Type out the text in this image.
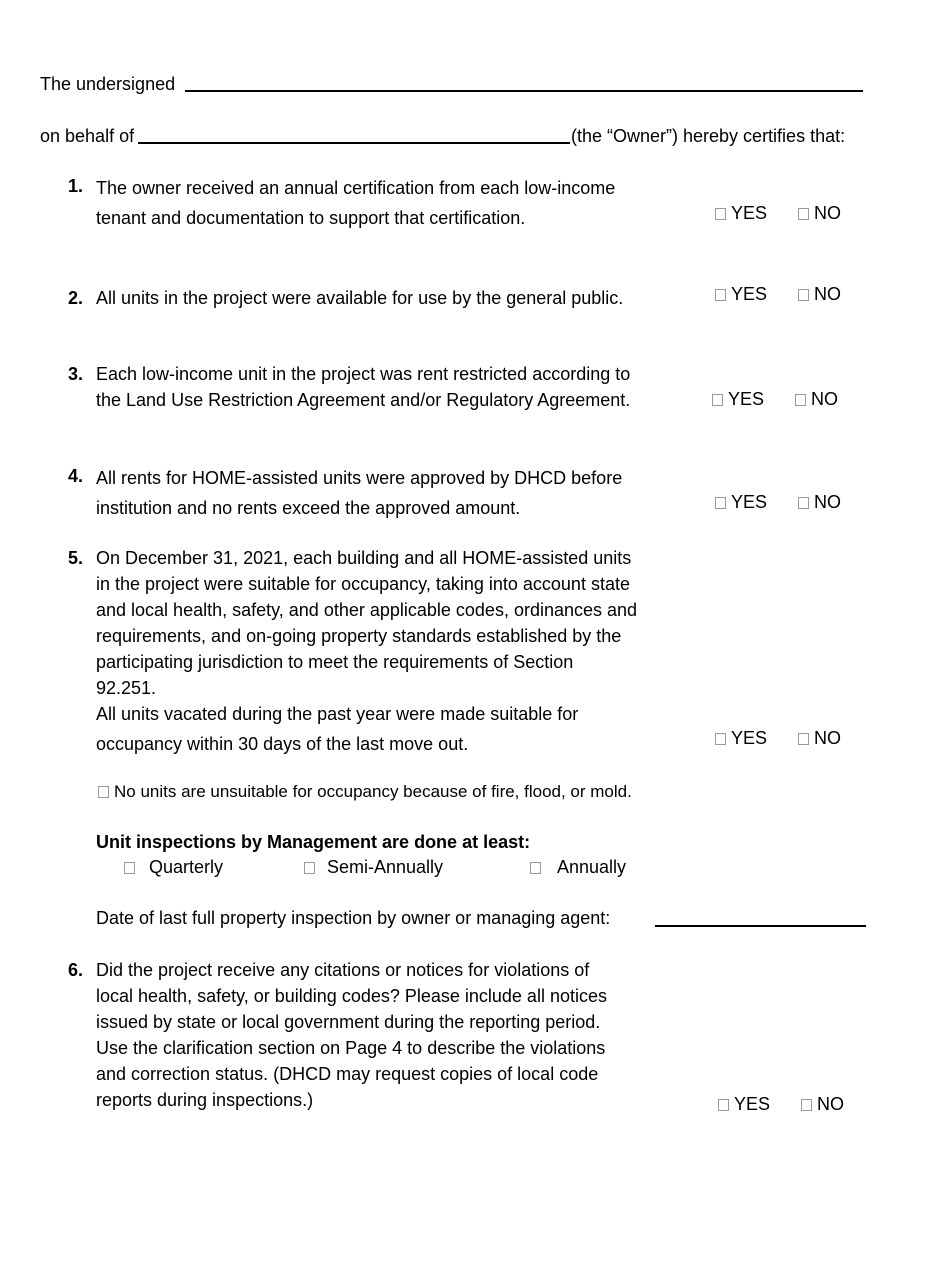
The undersigned
on behalf of	(the “Owner”) hereby certifies that:
1. The owner received an annual certification from each low-income
tenant and documentation to support that certification.	YES	NO
2. All units in the project were available for use by the general public.	YES	NO
3. Each low-income unit in the project was rent restricted according to
the Land Use Restriction Agreement and/or Regulatory Agreement.	YES	NO
4. All rents for HOME-assisted units were approved by DHCD before
institution and no rents exceed the approved amount.	YES	NO
5. On December 31, 2021, each building and all HOME-assisted units
in the project were suitable for occupancy, taking into account state
and local health, safety, and other applicable codes, ordinances and
requirements, and on-going property standards established by the
participating jurisdiction to meet the requirements of Section
92.251.
All units vacated during the past year were made suitable for
occupancy within 30 days of the last move out.	YES	NO
No units are unsuitable for occupancy because of fire, flood, or mold.
Unit inspections by Management are done at least:
Quarterly	Semi-Annually	Annually
Date of last full property inspection by owner or managing agent:
6. Did the project receive any citations or notices for violations of
local health, safety, or building codes? Please include all notices
issued by state or local government during the reporting period.
Use the clarification section on Page 4 to describe the violations
and correction status. (DHCD may request copies of local code
reports during inspections.)	YES	NO
